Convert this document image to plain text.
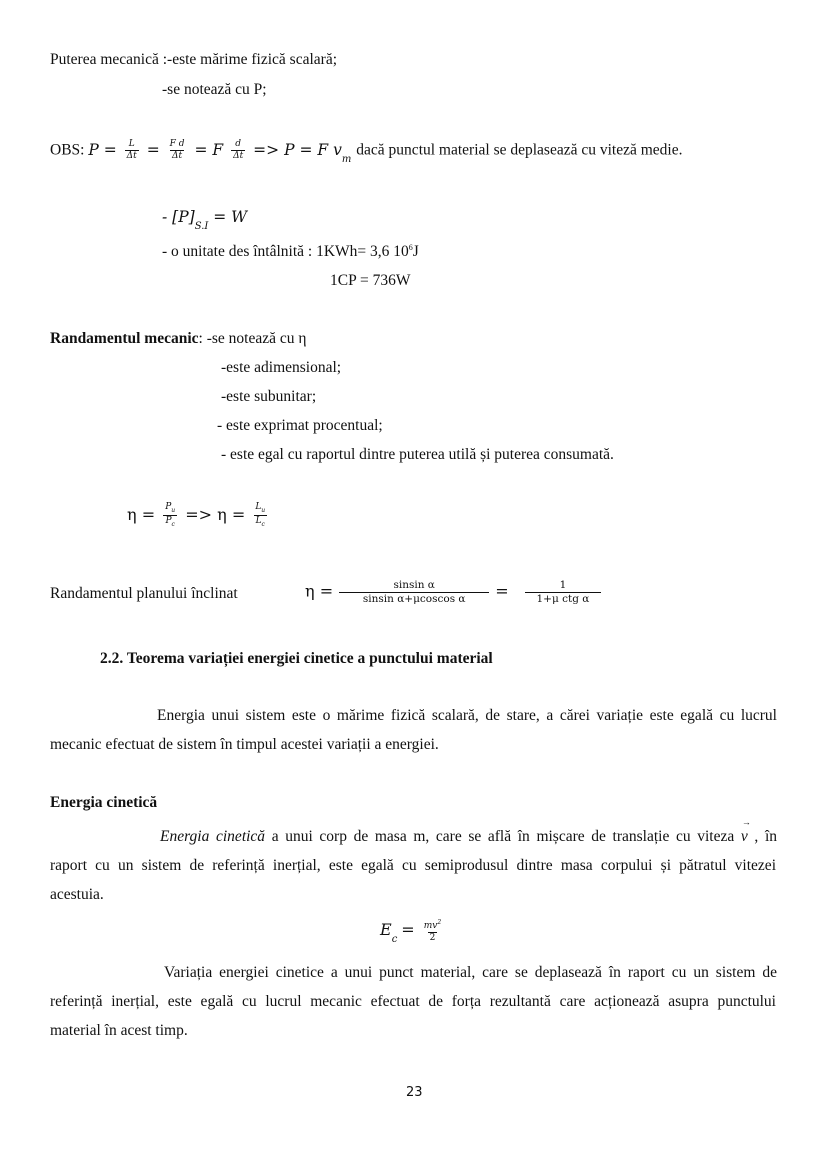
Puterea mecanică :-este mărime fizică scalară;
-se notează cu P;
OBS: $P = \frac{L}{\Delta t} = \frac{\text{F d}}{\Delta t} = F \frac{d}{\Delta t} => P = F$ $v_m$ dacă punctul material se deplasează cu viteză medie.
- $[P]_{S.I} = W$
- o unitate des întâlnită : 1KWh= 3,6 $10^6J$
1CP = 736W
Randamentul mecanic: -se notează cu η
-este adimensional;
-este subunitar;
- este exprimat procentual;
- este egal cu raportul dintre puterea utilă și puterea consumată.
$\eta = \frac{P_u}{P_c} => \eta = \frac{L_u}{L_c}$
Randamentul planului înclinat	$\eta = \frac{\text{sinsin α}}{\text{sinsin α+μcoscos α}} = \frac{1}{\text{1+μ ctg α}}$
2.2. Teorema variației energiei cinetice a punctului material
Energia unui sistem este o mărime fizică scalară, de stare, a cărei variație este egală cu lucrul
mecanic efectuat de sistem în timpul acestei variații a energiei.
Energia cinetică
Energia cinetică a unui corp de masa m, care se află în mișcare de translație cu viteza → v , în
raport cu un sistem de referință inerțial, este egală cu semiprodusul dintre masa corpului și pătratul vitezei
acestuia.
$E_c = \frac{mv^2}{2}$
Variația energiei cinetice a unui punct material, care se deplasează în raport cu un sistem de
referință inerțial, este egală cu lucrul mecanic efectuat de forța rezultantă care acționează asupra punctului
material în acest timp.
23
